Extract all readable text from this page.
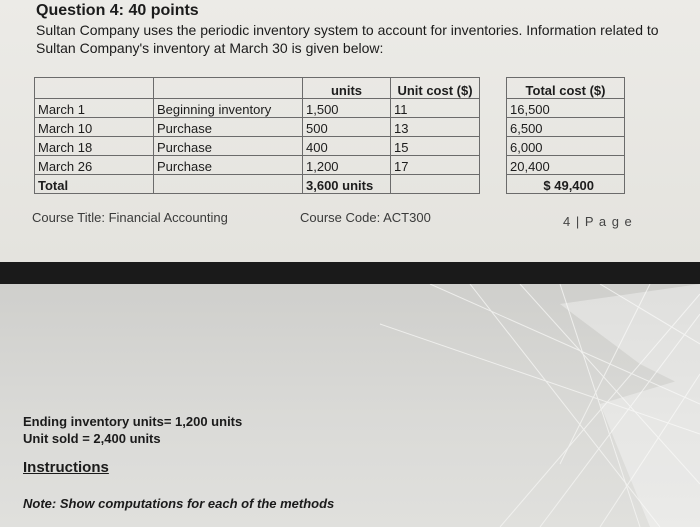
Question 4: 40 points
Sultan Company uses the periodic inventory system to account for inventories. Information related to Sultan Company's inventory at March 30 is given below:
		units	Unit cost ($)		Total cost ($)
March 1	Beginning inventory	1,500	11		16,500
March 10	Purchase	500	13		6,500
March 18	Purchase	400	15		6,000
March 26	Purchase	1,200	17		20,400
Total		3,600 units			$ 49,400
Course Title: Financial Accounting	Course Code: ACT300	4 | P a g e
Ending inventory units= 1,200 units
Unit sold = 2,400 units
Instructions
Note: Show computations for each of the methods
